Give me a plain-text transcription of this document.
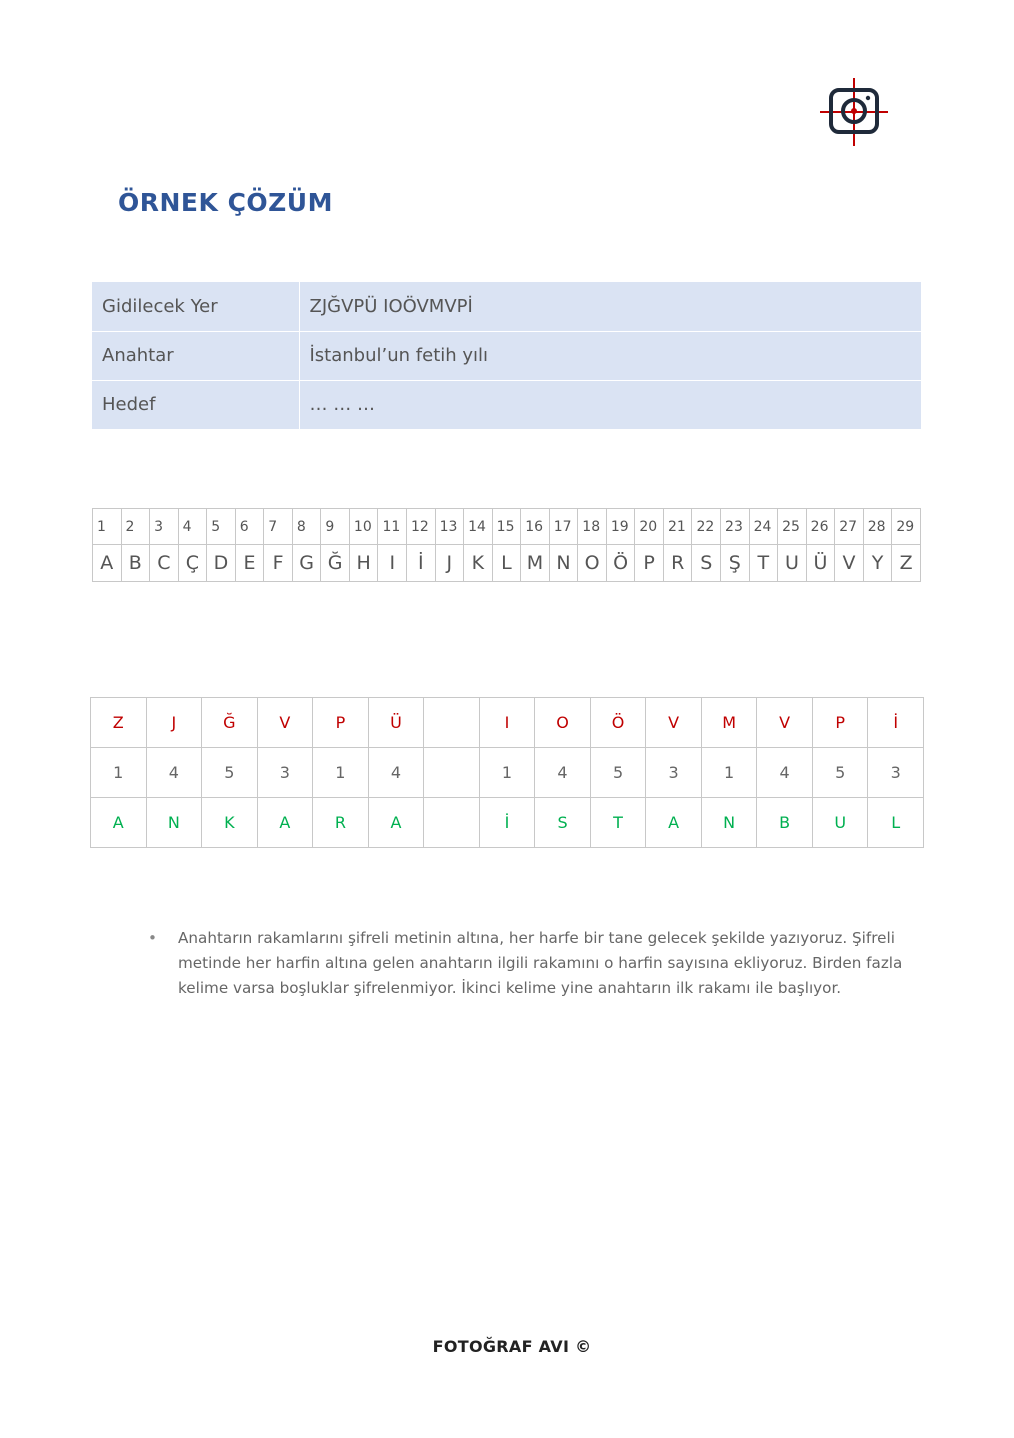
ÖRNEK ÇÖZÜM
Gidilecek Yer	ZJĞVPÜ IOÖVMVPİ
Anahtar	İstanbul’un fetih yılı
Hedef	… … …
1	2	3	4	5	6	7	8	9	10	11	12	13	14	15	16	17	18	19	20	21	22	23	24	25	26	27	28	29
A	B	C	Ç	D	E	F	G	Ğ	H	I	İ	J	K	L	M	N	O	Ö	P	R	S	Ş	T	U	Ü	V	Y	Z
Z	J	Ğ	V	P	Ü		I	O	Ö	V	M	V	P	İ
1	4	5	3	1	4		1	4	5	3	1	4	5	3
A	N	K	A	R	A		İ	S	T	A	N	B	U	L
• Anahtarın rakamlarını şifreli metinin altına, her harfe bir tane gelecek şekilde yazıyoruz. Şifreli metinde her harfin altına gelen anahtarın ilgili rakamını o harfin sayısına ekliyoruz. Birden fazla kelime varsa boşluklar şifrelenmiyor. İkinci kelime yine anahtarın ilk rakamı ile başlıyor.
FOTOĞRAF AVI ©
